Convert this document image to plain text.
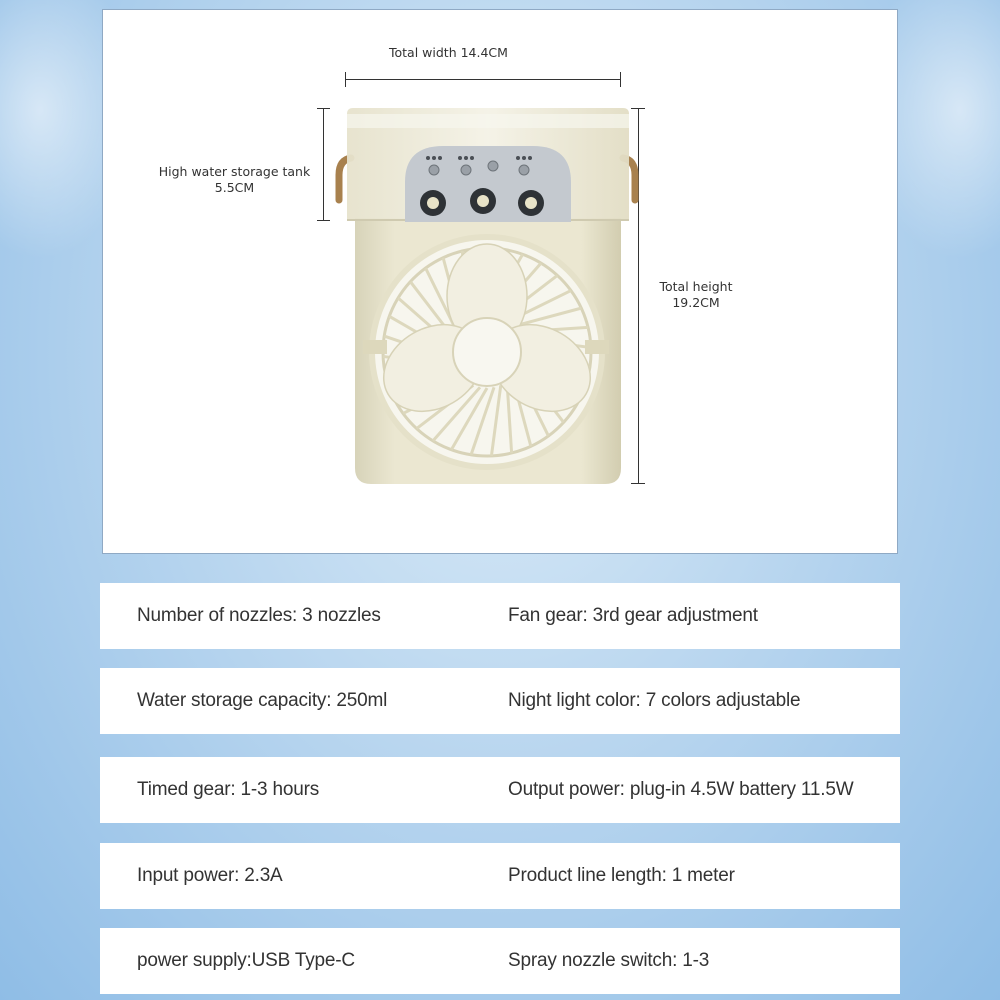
Total width 14.4CM
High water storage tank
5.5CM
Total height
19.2CM
Number of nozzles: 3 nozzles	Fan gear: 3rd gear adjustment
Water storage capacity: 250ml	Night light color: 7 colors adjustable
Timed gear: 1-3 hours	Output power: plug-in 4.5W battery 11.5W
Input power: 2.3A	Product line length: 1 meter
power supply:USB Type-C	Spray nozzle switch: 1-3
